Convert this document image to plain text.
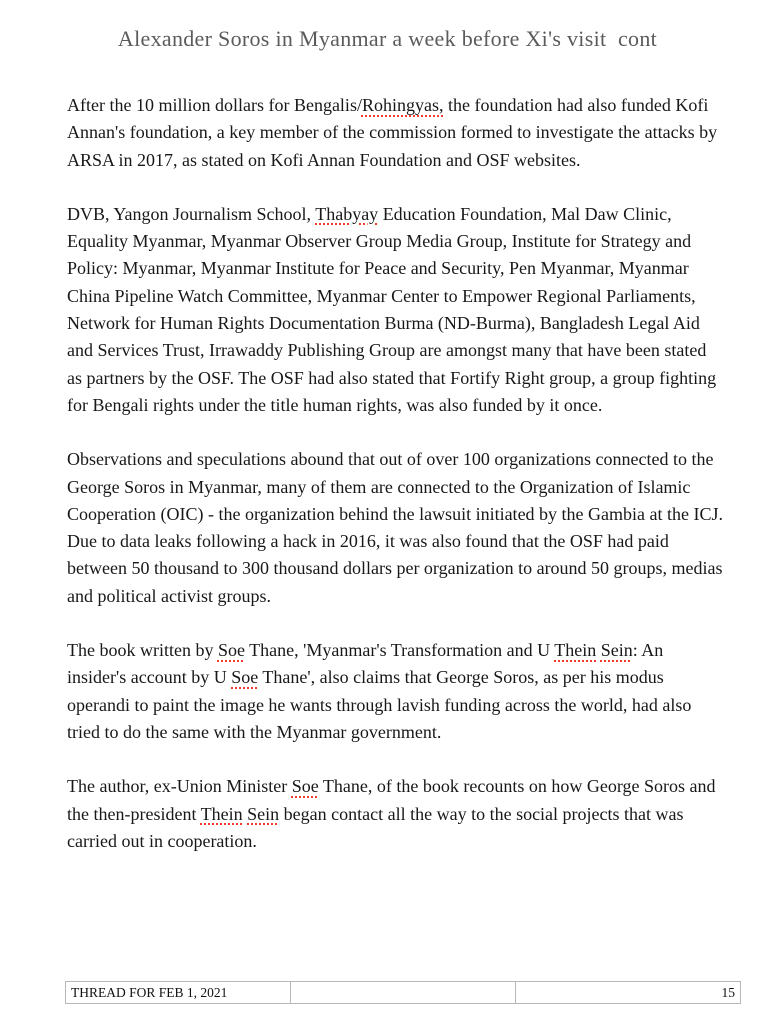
Alexander Soros in Myanmar a week before Xi's visit  cont

After the 10 million dollars for Bengalis/Rohingyas, the foundation had also funded Kofi Annan's foundation, a key member of the commission formed to investigate the attacks by ARSA in 2017, as stated on Kofi Annan Foundation and OSF websites.

DVB, Yangon Journalism School, Thabyay Education Foundation, Mal Daw Clinic, Equality Myanmar, Myanmar Observer Group Media Group, Institute for Strategy and Policy: Myanmar, Myanmar Institute for Peace and Security, Pen Myanmar, Myanmar China Pipeline Watch Committee, Myanmar Center to Empower Regional Parliaments, Network for Human Rights Documentation Burma (ND-Burma), Bangladesh Legal Aid and Services Trust, Irrawaddy Publishing Group are amongst many that have been stated as partners by the OSF. The OSF had also stated that Fortify Right group, a group fighting for Bengali rights under the title human rights, was also funded by it once.

Observations and speculations abound that out of over 100 organizations connected to the George Soros in Myanmar, many of them are connected to the Organization of Islamic Cooperation (OIC) - the organization behind the lawsuit initiated by the Gambia at the ICJ. Due to data leaks following a hack in 2016, it was also found that the OSF had paid between 50 thousand to 300 thousand dollars per organization to around 50 groups, medias and political activist groups.

The book written by Soe Thane, 'Myanmar's Transformation and U Thein Sein: An insider's account by U Soe Thane', also claims that George Soros, as per his modus operandi to paint the image he wants through lavish funding across the world, had also tried to do the same with the Myanmar government.

The author, ex-Union Minister Soe Thane, of the book recounts on how George Soros and the then-president Thein Sein began contact all the way to the social projects that was carried out in cooperation.

THREAD FOR FEB 1, 2021		15
